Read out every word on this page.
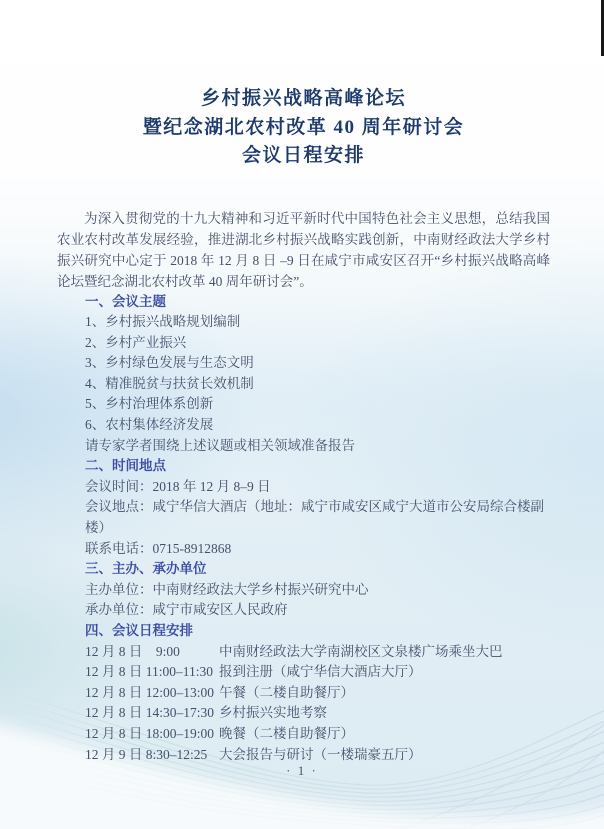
乡村振兴战略高峰论坛
暨纪念湖北农村改革 40 周年研讨会
会议日程安排

为深入贯彻党的十九大精神和习近平新时代中国特色社会主义思想，总结我国农业农村改革发展经验，推进湖北乡村振兴战略实践创新，中南财经政法大学乡村振兴研究中心定于 2018 年 12 月 8 日 –9 日在咸宁市咸安区召开“乡村振兴战略高峰论坛暨纪念湖北农村改革 40 周年研讨会”。

一、会议主题
1、乡村振兴战略规划编制
2、乡村产业振兴
3、乡村绿色发展与生态文明
4、精准脱贫与扶贫长效机制
5、乡村治理体系创新
6、农村集体经济发展
请专家学者围绕上述议题或相关领域准备报告
二、时间地点
会议时间：2018 年 12 月 8–9 日
会议地点：咸宁华信大酒店（地址：咸宁市咸安区咸宁大道市公安局综合楼副楼）
联系电话：0715-8912868
三、主办、承办单位
主办单位：中南财经政法大学乡村振兴研究中心
承办单位：咸宁市咸安区人民政府
四、会议日程安排
12 月 8 日　9:00	中南财经政法大学南湖校区文泉楼广场乘坐大巴
12 月 8 日 11:00–11:30 报到注册（咸宁华信大酒店大厅）
12 月 8 日 12:00–13:00 午餐（二楼自助餐厅）
12 月 8 日 14:30–17:30 乡村振兴实地考察
12 月 8 日 18:00–19:00 晚餐（二楼自助餐厅）
12 月 9 日 8:30–12:25 大会报告与研讨（一楼瑞豪五厅）
· 1 ·
